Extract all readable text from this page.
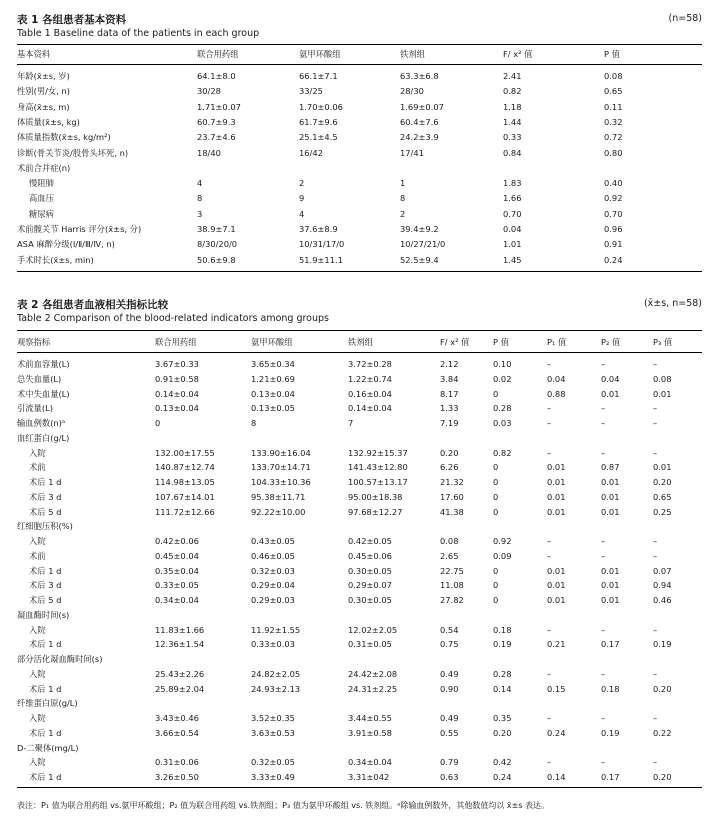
表 1 各组患者基本资料	(n=58)
Table 1 Baseline data of the patients in each group
基本资料	联合用药组	氨甲环酸组	铁剂组	F/ x² 值	P 值
年龄(x̄±s, 岁)	64.1±8.0	66.1±7.1	63.3±6.8	2.41	0.08
性别(男/女, n)	30/28	33/25	28/30	0.82	0.65
身高(x̄±s, m)	1.71±0.07	1.70±0.06	1.69±0.07	1.18	0.11
体质量(x̄±s, kg)	60.7±9.3	61.7±9.6	60.4±7.6	1.44	0.32
体质量指数(x̄±s, kg/m²)	23.7±4.6	25.1±4.5	24.2±3.9	0.33	0.72
诊断(骨关节炎/股骨头坏死, n)	18/40	16/42	17/41	0.84	0.80
术前合并症(n)
慢阻肺	4	2	1	1.83	0.40
高血压	8	9	8	1.66	0.92
糖尿病	3	4	2	0.70	0.70
术前髋关节 Harris 评分(x̄±s, 分)	38.9±7.1	37.6±8.9	39.4±9.2	0.04	0.96
ASA 麻醉分级(Ⅰ/Ⅱ/Ⅲ/Ⅳ, n)	8/30/20/0	10/31/17/0	10/27/21/0	1.01	0.91
手术时长(x̄±s, min)	50.6±9.8	51.9±11.1	52.5±9.4	1.45	0.24
表 2 各组患者血液相关指标比较	(x̄±s, n=58)
Table 2 Comparison of the blood-related indicators among groups
观察指标	联合用药组	氨甲环酸组	铁剂组	F/ x² 值	P 值	P₁ 值	P₂ 值	P₃ 值
术前血容量(L)	3.67±0.33	3.65±0.34	3.72±0.28	2.12	0.10	–	–	–
总失血量(L)	0.91±0.58	1.21±0.69	1.22±0.74	3.84	0.02	0.04	0.04	0.08
术中失血量(L)	0.14±0.04	0.13±0.04	0.16±0.04	8.17	0	0.88	0.01	0.01
引流量(L)	0.13±0.04	0.13±0.05	0.14±0.04	1.33	0.28	–	–	–
输血例数(n)ᵃ	0	8	7	7.19	0.03	–	–	–
血红蛋白(g/L)
入院	132.00±17.55	133.90±16.04	132.92±15.37	0.20	0.82	–	–	–
术前	140.87±12.74	133.70±14.71	141.43±12.80	6.26	0	0.01	0.87	0.01
术后 1 d	114.98±13.05	104.33±10.36	100.57±13.17	21.32	0	0.01	0.01	0.20
术后 3 d	107.67±14.01	95.38±11.71	95.00±18.38	17.60	0	0.01	0.01	0.65
术后 5 d	111.72±12.66	92.22±10.00	97.68±12.27	41.38	0	0.01	0.01	0.25
红细胞压积(%)
入院	0.42±0.06	0.43±0.05	0.42±0.05	0.08	0.92	–	–	–
术前	0.45±0.04	0.46±0.05	0.45±0.06	2.65	0.09	–	–	–
术后 1 d	0.35±0.04	0.32±0.03	0.30±0.05	22.75	0	0.01	0.01	0.07
术后 3 d	0.33±0.05	0.29±0.04	0.29±0.07	11.08	0	0.01	0.01	0.94
术后 5 d	0.34±0.04	0.29±0.03	0.30±0.05	27.82	0	0.01	0.01	0.46
凝血酶时间(s)
入院	11.83±1.66	11.92±1.55	12.02±2.05	0.54	0.18	–	–	–
术后 1 d	12.36±1.54	0.33±0.03	0.31±0.05	0.75	0.19	0.21	0.17	0.19
部分活化凝血酶时间(s)
入院	25.43±2.26	24.82±2.05	24.42±2.08	0.49	0.28	–	–	–
术后 1 d	25.89±2.04	24.93±2.13	24.31±2.25	0.90	0.14	0.15	0.18	0.20
纤维蛋白原(g/L)
入院	3.43±0.46	3.52±0.35	3.44±0.55	0.49	0.35	–	–	–
术后 1 d	3.66±0.54	3.63±0.53	3.91±0.58	0.55	0.20	0.24	0.19	0.22
D-二聚体(mg/L)
入院	0.31±0.06	0.32±0.05	0.34±0.04	0.79	0.42	–	–	–
术后 1 d	3.26±0.50	3.33±0.49	3.31±042	0.63	0.24	0.14	0.17	0.20
表注：P₁ 值为联合用药组 vs.氨甲环酸组；P₂ 值为联合用药组 vs.铁剂组；P₃ 值为氨甲环酸组 vs. 铁剂组。ᵃ除输血例数外，其他数值均以 x̄±s 表达。
